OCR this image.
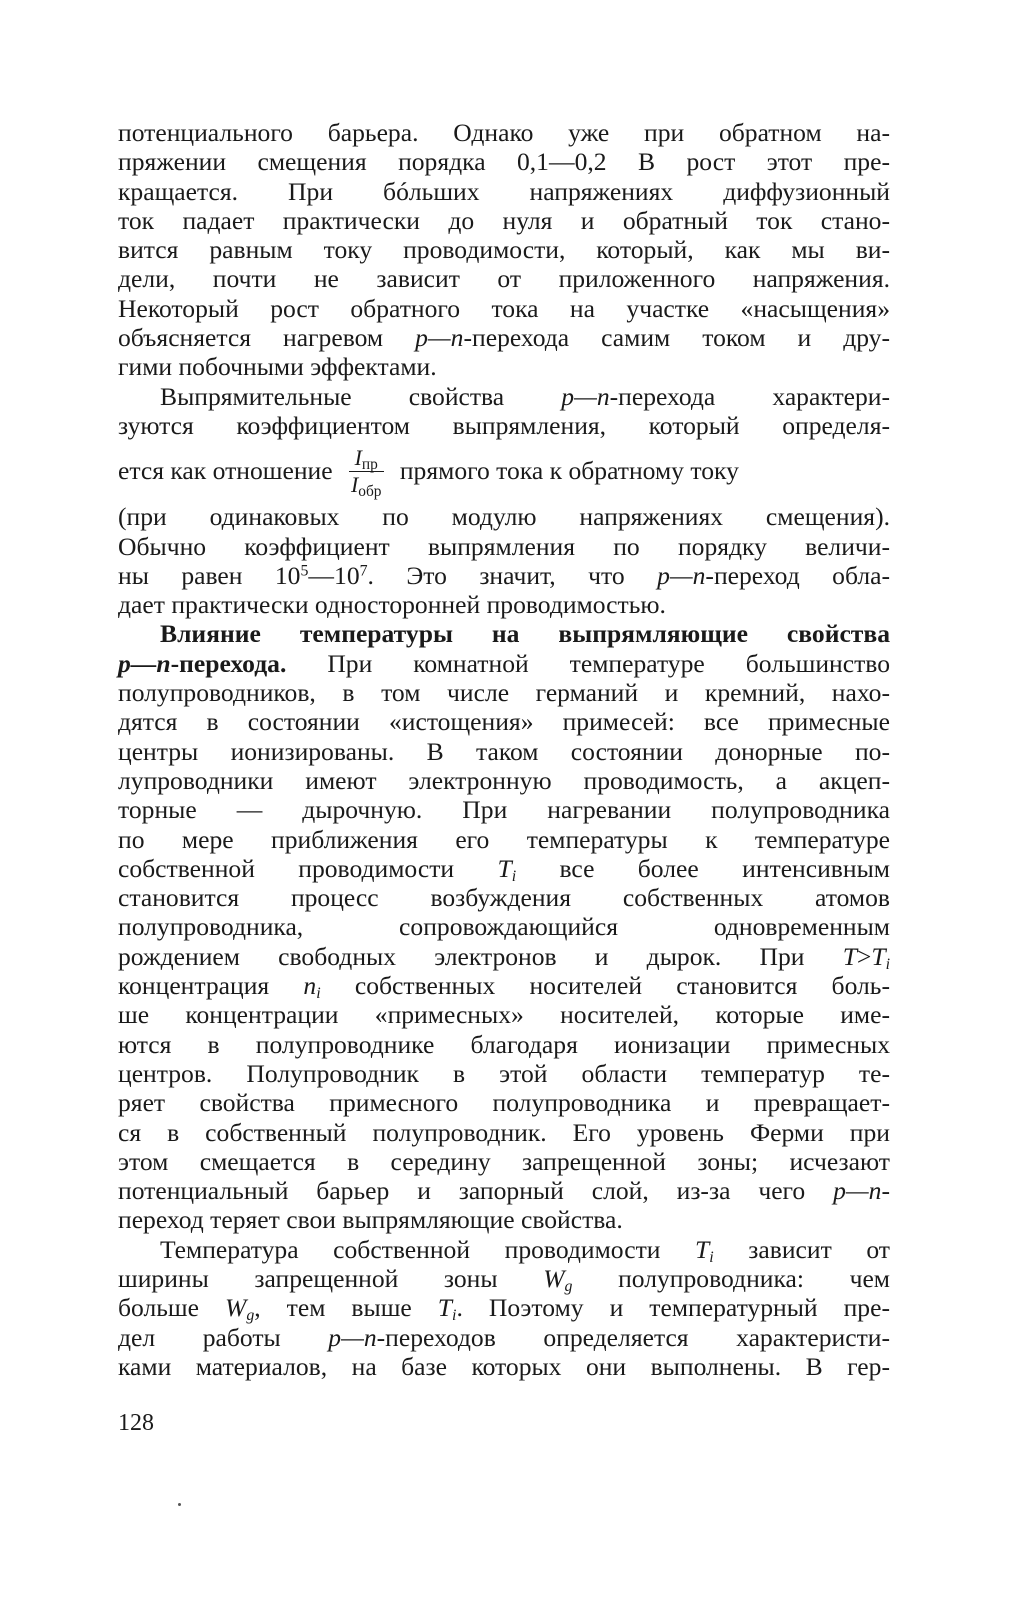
потенциального барьера. Однако уже при обратном на-
пряжении смещения порядка 0,1—0,2 В рост этот пре-
кращается. При бóльших напряжениях диффузионный
ток падает практически до нуля и обратный ток стано-
вится равным току проводимости, который, как мы ви-
дели, почти не зависит от приложенного напряжения.
Некоторый рост обратного тока на участке «насыщения»
объясняется нагревом p—n-перехода самим током и дру-
гими побочными эффектами.
Выпрямительные свойства p—n-перехода характери-
зуются коэффициентом выпрямления, который определя-
ется как отношение $\frac{I_{пр}}{I_{обр}}$ прямого тока к обратному току
(при одинаковых по модулю напряжениях смещения).
Обычно коэффициент выпрямления по порядку величи-
ны равен $10^5—10^7$. Это значит, что p—n-переход обла-
дает практически односторонней проводимостью.
Влияние температуры на выпрямляющие свойства
p—n-перехода. При комнатной температуре большинство
полупроводников, в том числе германий и кремний, нахо-
дятся в состоянии «истощения» примесей: все примесные
центры ионизированы. В таком состоянии донорные по-
лупроводники имеют электронную проводимость, а акцеп-
торные — дырочную. При нагревании полупроводника
по мере приближения его температуры к температуре
собственной проводимости $T_i$ все более интенсивным
становится процесс возбуждения собственных атомов
полупроводника, сопровождающийся одновременным
рождением свободных электронов и дырок. При $T>T_i$
концентрация $n_i$ собственных носителей становится боль-
ше концентрации «примесных» носителей, которые име-
ются в полупроводнике благодаря ионизации примесных
центров. Полупроводник в этой области температур те-
ряет свойства примесного полупроводника и превращает-
ся в собственный полупроводник. Его уровень Ферми при
этом смещается в середину запрещенной зоны; исчезают
потенциальный барьер и запорный слой, из-за чего p—n-
переход теряет свои выпрямляющие свойства.
Температура собственной проводимости $T_i$ зависит от
ширины запрещенной зоны $W_g$ полупроводника: чем
больше $W_g$, тем выше $T_i$. Поэтому и температурный пре-
дел работы p—n-переходов определяется характеристи-
ками материалов, на базе которых они выполнены. В гер-
128
